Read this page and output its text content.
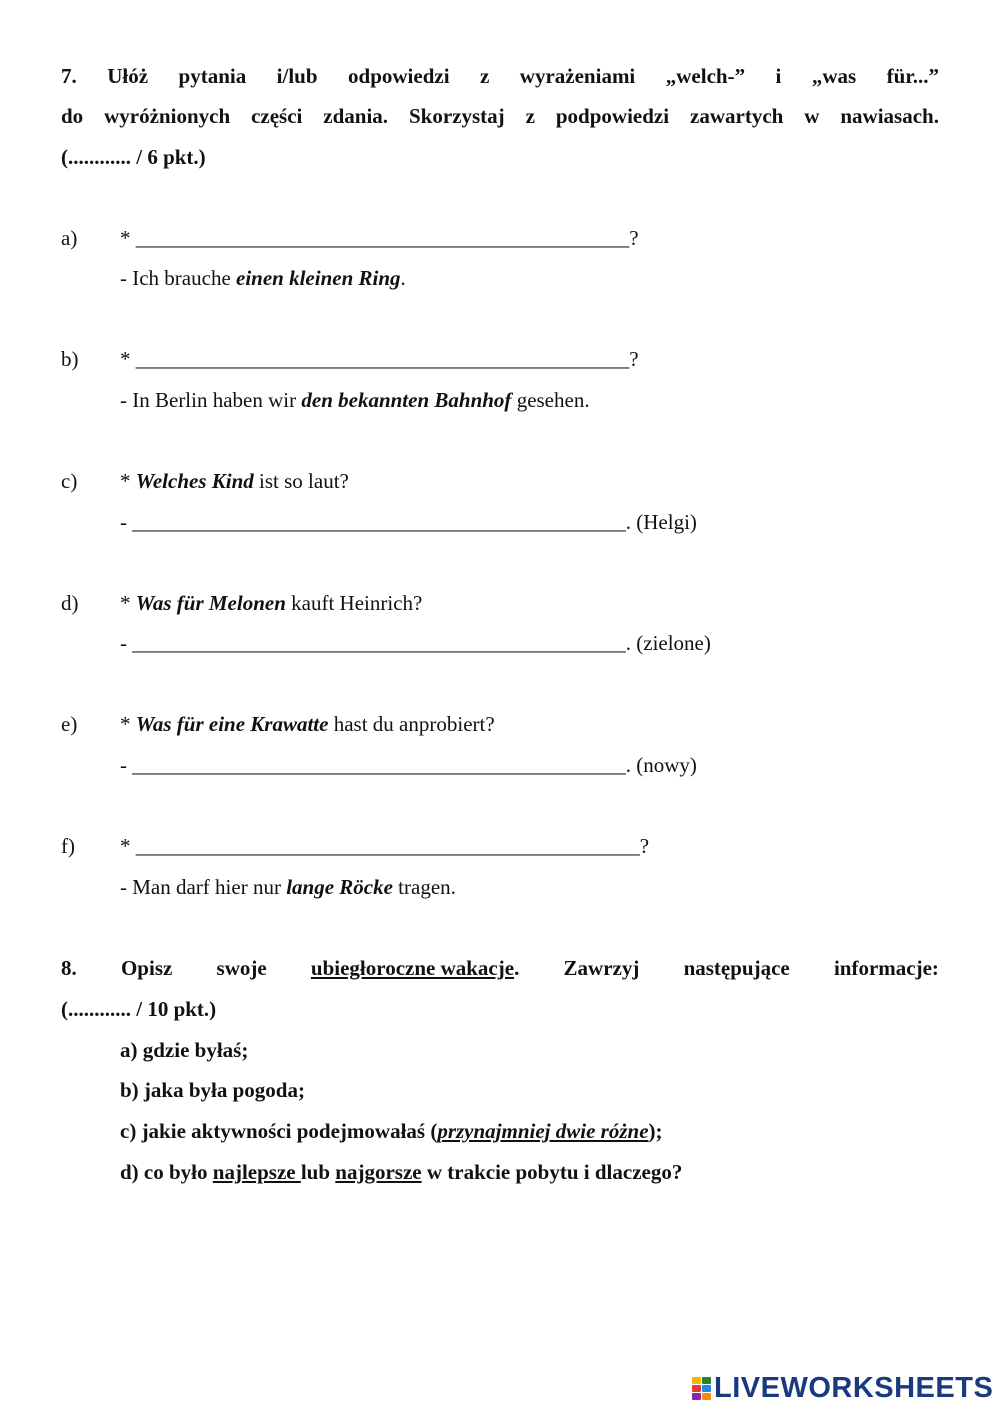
7. Ułóż pytania i/lub odpowiedzi z wyrażeniami „welch-” i „was für...”
do wyróżnionych części zdania. Skorzystaj z podpowiedzi zawartych w nawiasach.
(............ / 6 pkt.)
a) * _______________________________________________?
- Ich brauche einen kleinen Ring.
b) * _______________________________________________?
- In Berlin haben wir den bekannten Bahnhof gesehen.
c) * Welches Kind ist so laut?
- _______________________________________________. (Helgi)
d) * Was für Melonen kauft Heinrich?
- _______________________________________________. (zielone)
e) * Was für eine Krawatte hast du anprobiert?
- _______________________________________________. (nowy)
f) * ________________________________________________?
- Man darf hier nur lange Röcke tragen.
8. Opisz swoje ubiegłoroczne wakacje. Zawrzyj następujące informacje:
(............ / 10 pkt.)
a) gdzie byłaś;
b) jaka była pogoda;
c) jakie aktywności podejmowałaś (przynajmniej dwie różne);
d) co było najlepsze lub najgorsze w trakcie pobytu i dlaczego?
LIVEWORKSHEETS
